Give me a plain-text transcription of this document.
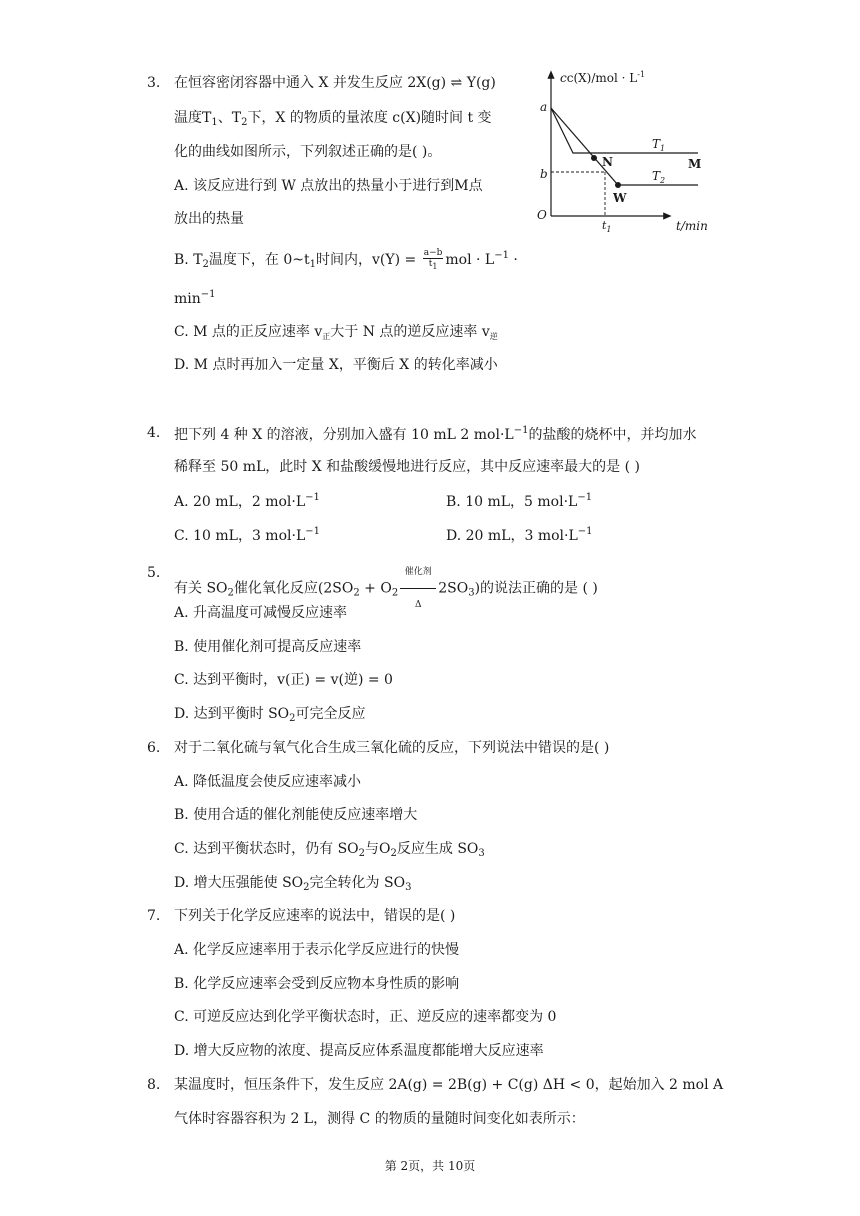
3. 在恒容密闭容器中通入 X 并发生反应 2X(g) ⇌ Y(g)
温度$T_1$、$T_2$下，X 的物质的量浓度 c(X)随时间 t 变
化的曲线如图所示，下列叙述正确的是( )。
A. 该反应进行到 W 点放出的热量小于进行到M点
放出的热量
B. $T_2$温度下，在 $0\sim t_1$时间内，$v(Y) = \frac{a-b}{t1}$ mol · $L^{-1}$ ·
$\min^{-1}$
C. M 点的正反应速率 $v_正$大于 N 点的逆反应速率 $v_逆$
D. M 点时再加入一定量 X，平衡后 X 的转化率减小
$cc(X)/mol \cdot L^{-1}$
t/min
a
b
O
$t_1$
N
W
M
$T_1$
$T_2$
4. 把下列 4 种 X 的溶液，分别加入盛有 10 mL 2 $mol\cdot L^{-1}$的盐酸的烧杯中，并均加水
稀释至 50 mL，此时 X 和盐酸缓慢地进行反应，其中反应速率最大的是 ( )
A. 20 mL，2 $mol\cdot L^{-1}$	B. 10 mL，5 $mol\cdot L^{-1}$
C. 10 mL，3 $mol\cdot L^{-1}$	D. 20 mL，3 $mol\cdot L^{-1}$
5.
有关 $SO_2$催化氧化反应($2SO_2 + O_2$
催化剂
Δ
$2SO_3$)的说法正确的是 ( )
A. 升高温度可减慢反应速率
B. 使用催化剂可提高反应速率
C. 达到平衡时，v(正) = v(逆) = 0
D. 达到平衡时 $SO_2$可完全反应
6. 对于二氧化硫与氧气化合生成三氧化硫的反应，下列说法中错误的是( )
A. 降低温度会使反应速率减小
B. 使用合适的催化剂能使反应速率增大
C. 达到平衡状态时，仍有 $SO_2$与$O_2$反应生成 $SO_3$
D. 增大压强能使 $SO_2$完全转化为 $SO_3$
7. 下列关于化学反应速率的说法中，错误的是( )
A. 化学反应速率用于表示化学反应进行的快慢
B. 化学反应速率会受到反应物本身性质的影响
C. 可逆反应达到化学平衡状态时，正、逆反应的速率都变为 0
D. 增大反应物的浓度、提高反应体系温度都能增大反应速率
8. 某温度时，恒压条件下，发生反应 2A(g) = 2B(g) + C(g) ΔH < 0，起始加入 2 mol A
气体时容器容积为 2 L，测得 C 的物质的量随时间变化如表所示：
第 2页，共 10页
